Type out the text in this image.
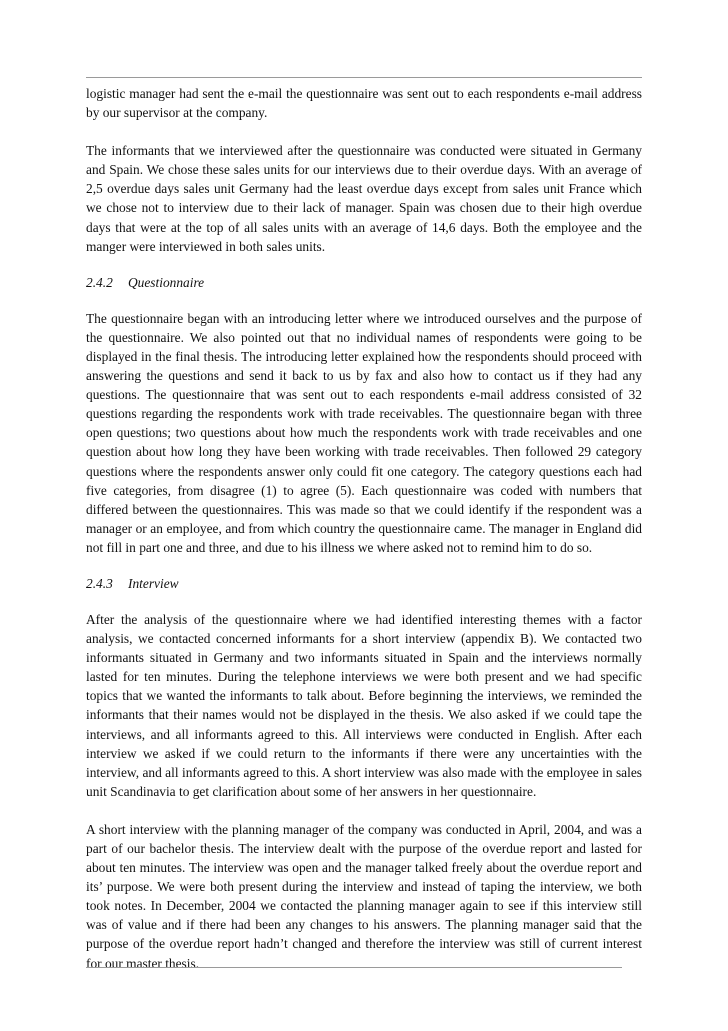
logistic manager had sent the e-mail the questionnaire was sent out to each respondents e-mail address by our supervisor at the company.

The informants that we interviewed after the questionnaire was conducted were situated in Germany and Spain. We chose these sales units for our interviews due to their overdue days. With an average of 2,5 overdue days sales unit Germany had the least overdue days except from sales unit France which we chose not to interview due to their lack of manager. Spain was chosen due to their high overdue days that were at the top of all sales units with an average of 14,6 days. Both the employee and the manger were interviewed in both sales units.

2.4.2 Questionnaire

The questionnaire began with an introducing letter where we introduced ourselves and the purpose of the questionnaire. We also pointed out that no individual names of respondents were going to be displayed in the final thesis. The introducing letter explained how the respondents should proceed with answering the questions and send it back to us by fax and also how to contact us if they had any questions. The questionnaire that was sent out to each respondents e-mail address consisted of 32 questions regarding the respondents work with trade receivables. The questionnaire began with three open questions; two questions about how much the respondents work with trade receivables and one question about how long they have been working with trade receivables. Then followed 29 category questions where the respondents answer only could fit one category. The category questions each had five categories, from disagree (1) to agree (5). Each questionnaire was coded with numbers that differed between the questionnaires. This was made so that we could identify if the respondent was a manager or an employee, and from which country the questionnaire came. The manager in England did not fill in part one and three, and due to his illness we where asked not to remind him to do so.

2.4.3 Interview

After the analysis of the questionnaire where we had identified interesting themes with a factor analysis, we contacted concerned informants for a short interview (appendix B). We contacted two informants situated in Germany and two informants situated in Spain and the interviews normally lasted for ten minutes. During the telephone interviews we were both present and we had specific topics that we wanted the informants to talk about. Before beginning the interviews, we reminded the informants that their names would not be displayed in the thesis. We also asked if we could tape the interviews, and all informants agreed to this. All interviews were conducted in English. After each interview we asked if we could return to the informants if there were any uncertainties with the interview, and all informants agreed to this. A short interview was also made with the employee in sales unit Scandinavia to get clarification about some of her answers in her questionnaire.

A short interview with the planning manager of the company was conducted in April, 2004, and was a part of our bachelor thesis. The interview dealt with the purpose of the overdue report and lasted for about ten minutes. The interview was open and the manager talked freely about the overdue report and its’ purpose. We were both present during the interview and instead of taping the interview, we both took notes. In December, 2004 we contacted the planning manager again to see if this interview still was of value and if there had been any changes to his answers. The planning manager said that the purpose of the overdue report hadn’t changed and therefore the interview was still of current interest for our master thesis.
